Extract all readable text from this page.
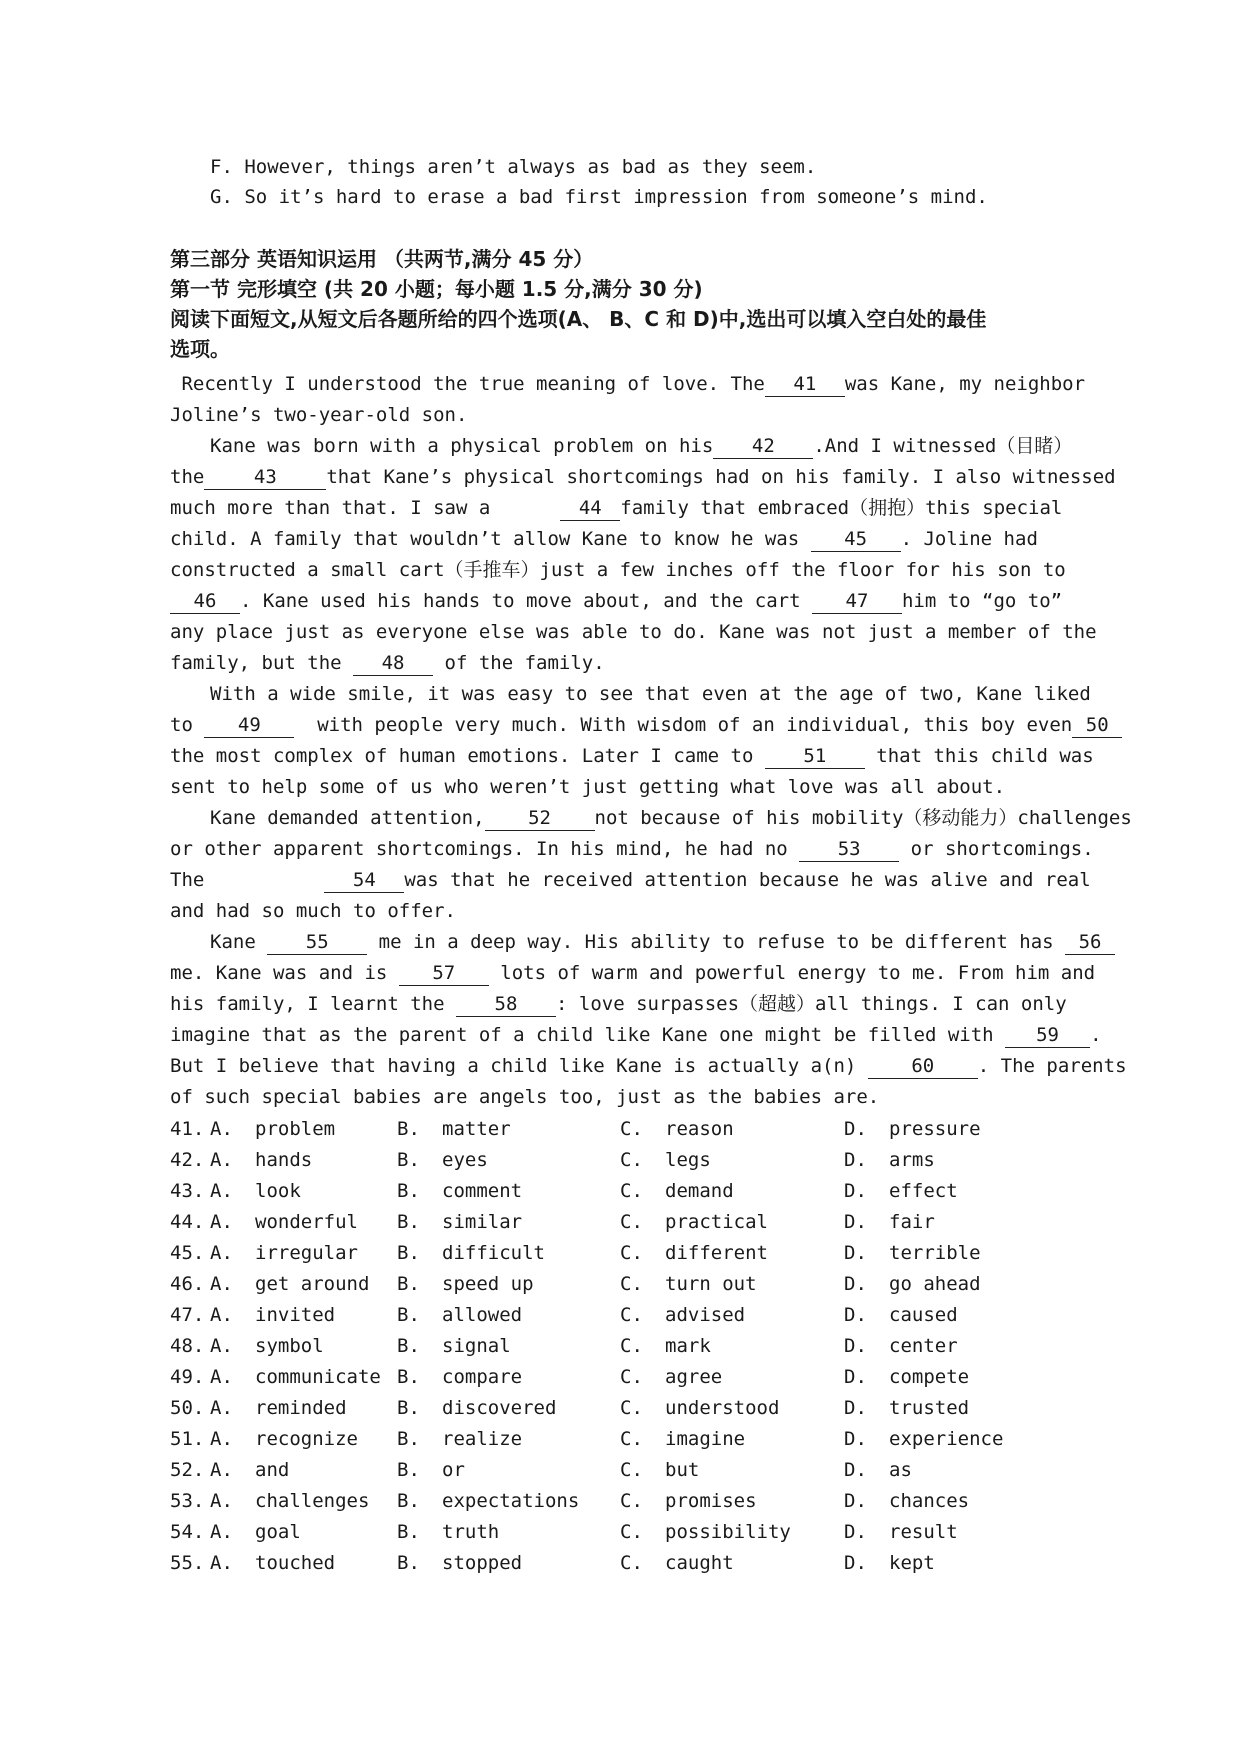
F. However, things aren’t always as bad as they seem.
G. So it’s hard to erase a bad first impression from someone’s mind.
第三部分 英语知识运用 （共两节,满分 45 分）
第一节 完形填空 (共 20 小题；每小题 1.5 分,满分 30 分)
阅读下面短文,从短文后各题所给的四个选项(A、 B、C 和 D)中,选出可以填入空白处的最佳
选项。
Recently I understood the true meaning of love. The 41 was Kane, my neighbor
Joline’s two-year-old son.
Kane was born with a physical problem on his 42 .And I witnessed（目睹）
the	43	that Kane’s physical shortcomings had on his family. I also witnessed
much more than that. I saw a	44 family that embraced（拥抱）this special
child. A family that wouldn’t allow Kane to know he was 45 . Joline had
constructed a small cart（手推车）just a few inches off the floor for his son to
46 . Kane used his hands to move about, and the cart 47 him to “go to”
any place just as everyone else was able to do. Kane was not just a member of the
family, but the 48 of the family.
With a wide smile, it was easy to see that even at the age of two, Kane liked
to 49	with people very much. With wisdom of an individual, this boy even 50
the most complex of human emotions. Later I came to	51	that this child was
sent to help some of us who weren’t just getting what love was all about.
Kane demanded attention, 52 not because of his mobility（移动能力）challenges
or other apparent shortcomings. In his mind, he had no	53	or shortcomings.
The	54 was that he received attention because he was alive and real
and had so much to offer.
Kane	55	me in a deep way. His ability to refuse to be different has 56
me. Kane was and is 57 lots of warm and powerful energy to me. From him and
his family, I learnt the	58 : love surpasses（超越）all things. I can only
imagine that as the parent of a child like Kane one might be filled with 59 .
But I believe that having a child like Kane is actually a(n)	60 . The parents
of such special babies are angels too, just as the babies are.
41. A. problem	B. matter	C. reason	D. pressure
42. A. hands	B. eyes	C. legs	D. arms
43. A. look	B. comment	C. demand	D. effect
44. A. wonderful B. similar	C. practical	D. fair
45. A. irregular B. difficult	C. different	D. terrible
46. A. get around B. speed up	C. turn out	D. go ahead
47. A. invited	B. allowed	C. advised	D. caused
48. A. symbol	B. signal	C. mark	D. center
49. A. communicate B. compare	C. agree	D. compete
50. A. reminded	B. discovered	C. understood	D. trusted
51. A. recognize B. realize	C. imagine	D. experience
52. A. and	B. or	C. but	D. as
53. A. challenges B. expectations C. promises	D. chances
54. A. goal	B. truth	C. possibility	D. result
55. A. touched	B. stopped	C. caught	D. kept
